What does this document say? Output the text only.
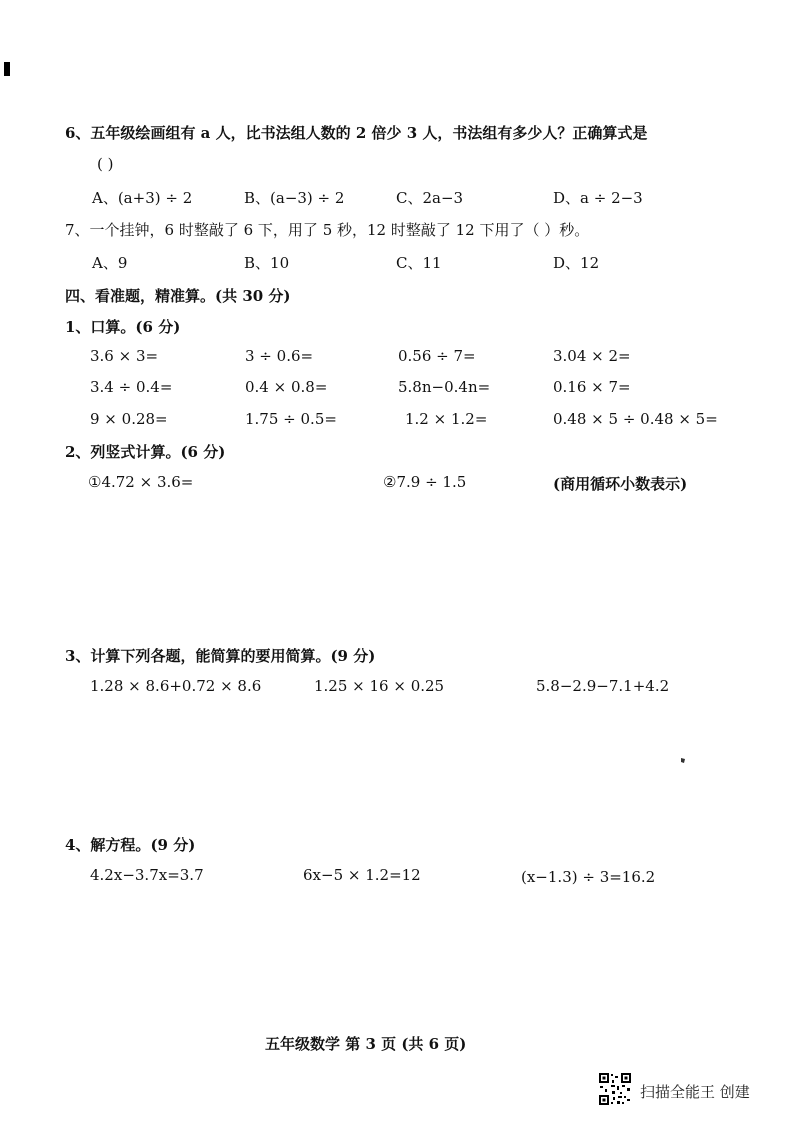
6、五年级绘画组有 a 人，比书法组人数的 2 倍少 3 人，书法组有多少人？正确算式是
( )
A、(a+3) ÷ 2	B、(a−3) ÷ 2	C、2a−3	D、a ÷ 2−3
7、一个挂钟，6 时整敲了 6 下，用了 5 秒，12 时整敲了 12 下用了（ ）秒。
A、9	B、10	C、11	D、12
四、看准题，精准算。(共 30 分)
1、口算。(6 分)
3.6 × 3=	3 ÷ 0.6=	0.56 ÷ 7=	3.04 × 2=
3.4 ÷ 0.4=	0.4 × 0.8=	5.8n−0.4n=	0.16 × 7=
9 × 0.28=	1.75 ÷ 0.5=	1.2 × 1.2=	0.48 × 5 ÷ 0.48 × 5=
2、列竖式计算。(6 分)
①4.72 × 3.6=	②7.9 ÷ 1.5	(商用循环小数表示)
3、计算下列各题，能简算的要用简算。(9 分)
1.28 × 8.6+0.72 × 8.6	1.25 × 16 × 0.25	5.8−2.9−7.1+4.2
4、解方程。(9 分)
4.2x−3.7x=3.7	6x−5 × 1.2=12	(x−1.3) ÷ 3=16.2
五年级数学 第 3 页 (共 6 页)
扫描全能王 创建
